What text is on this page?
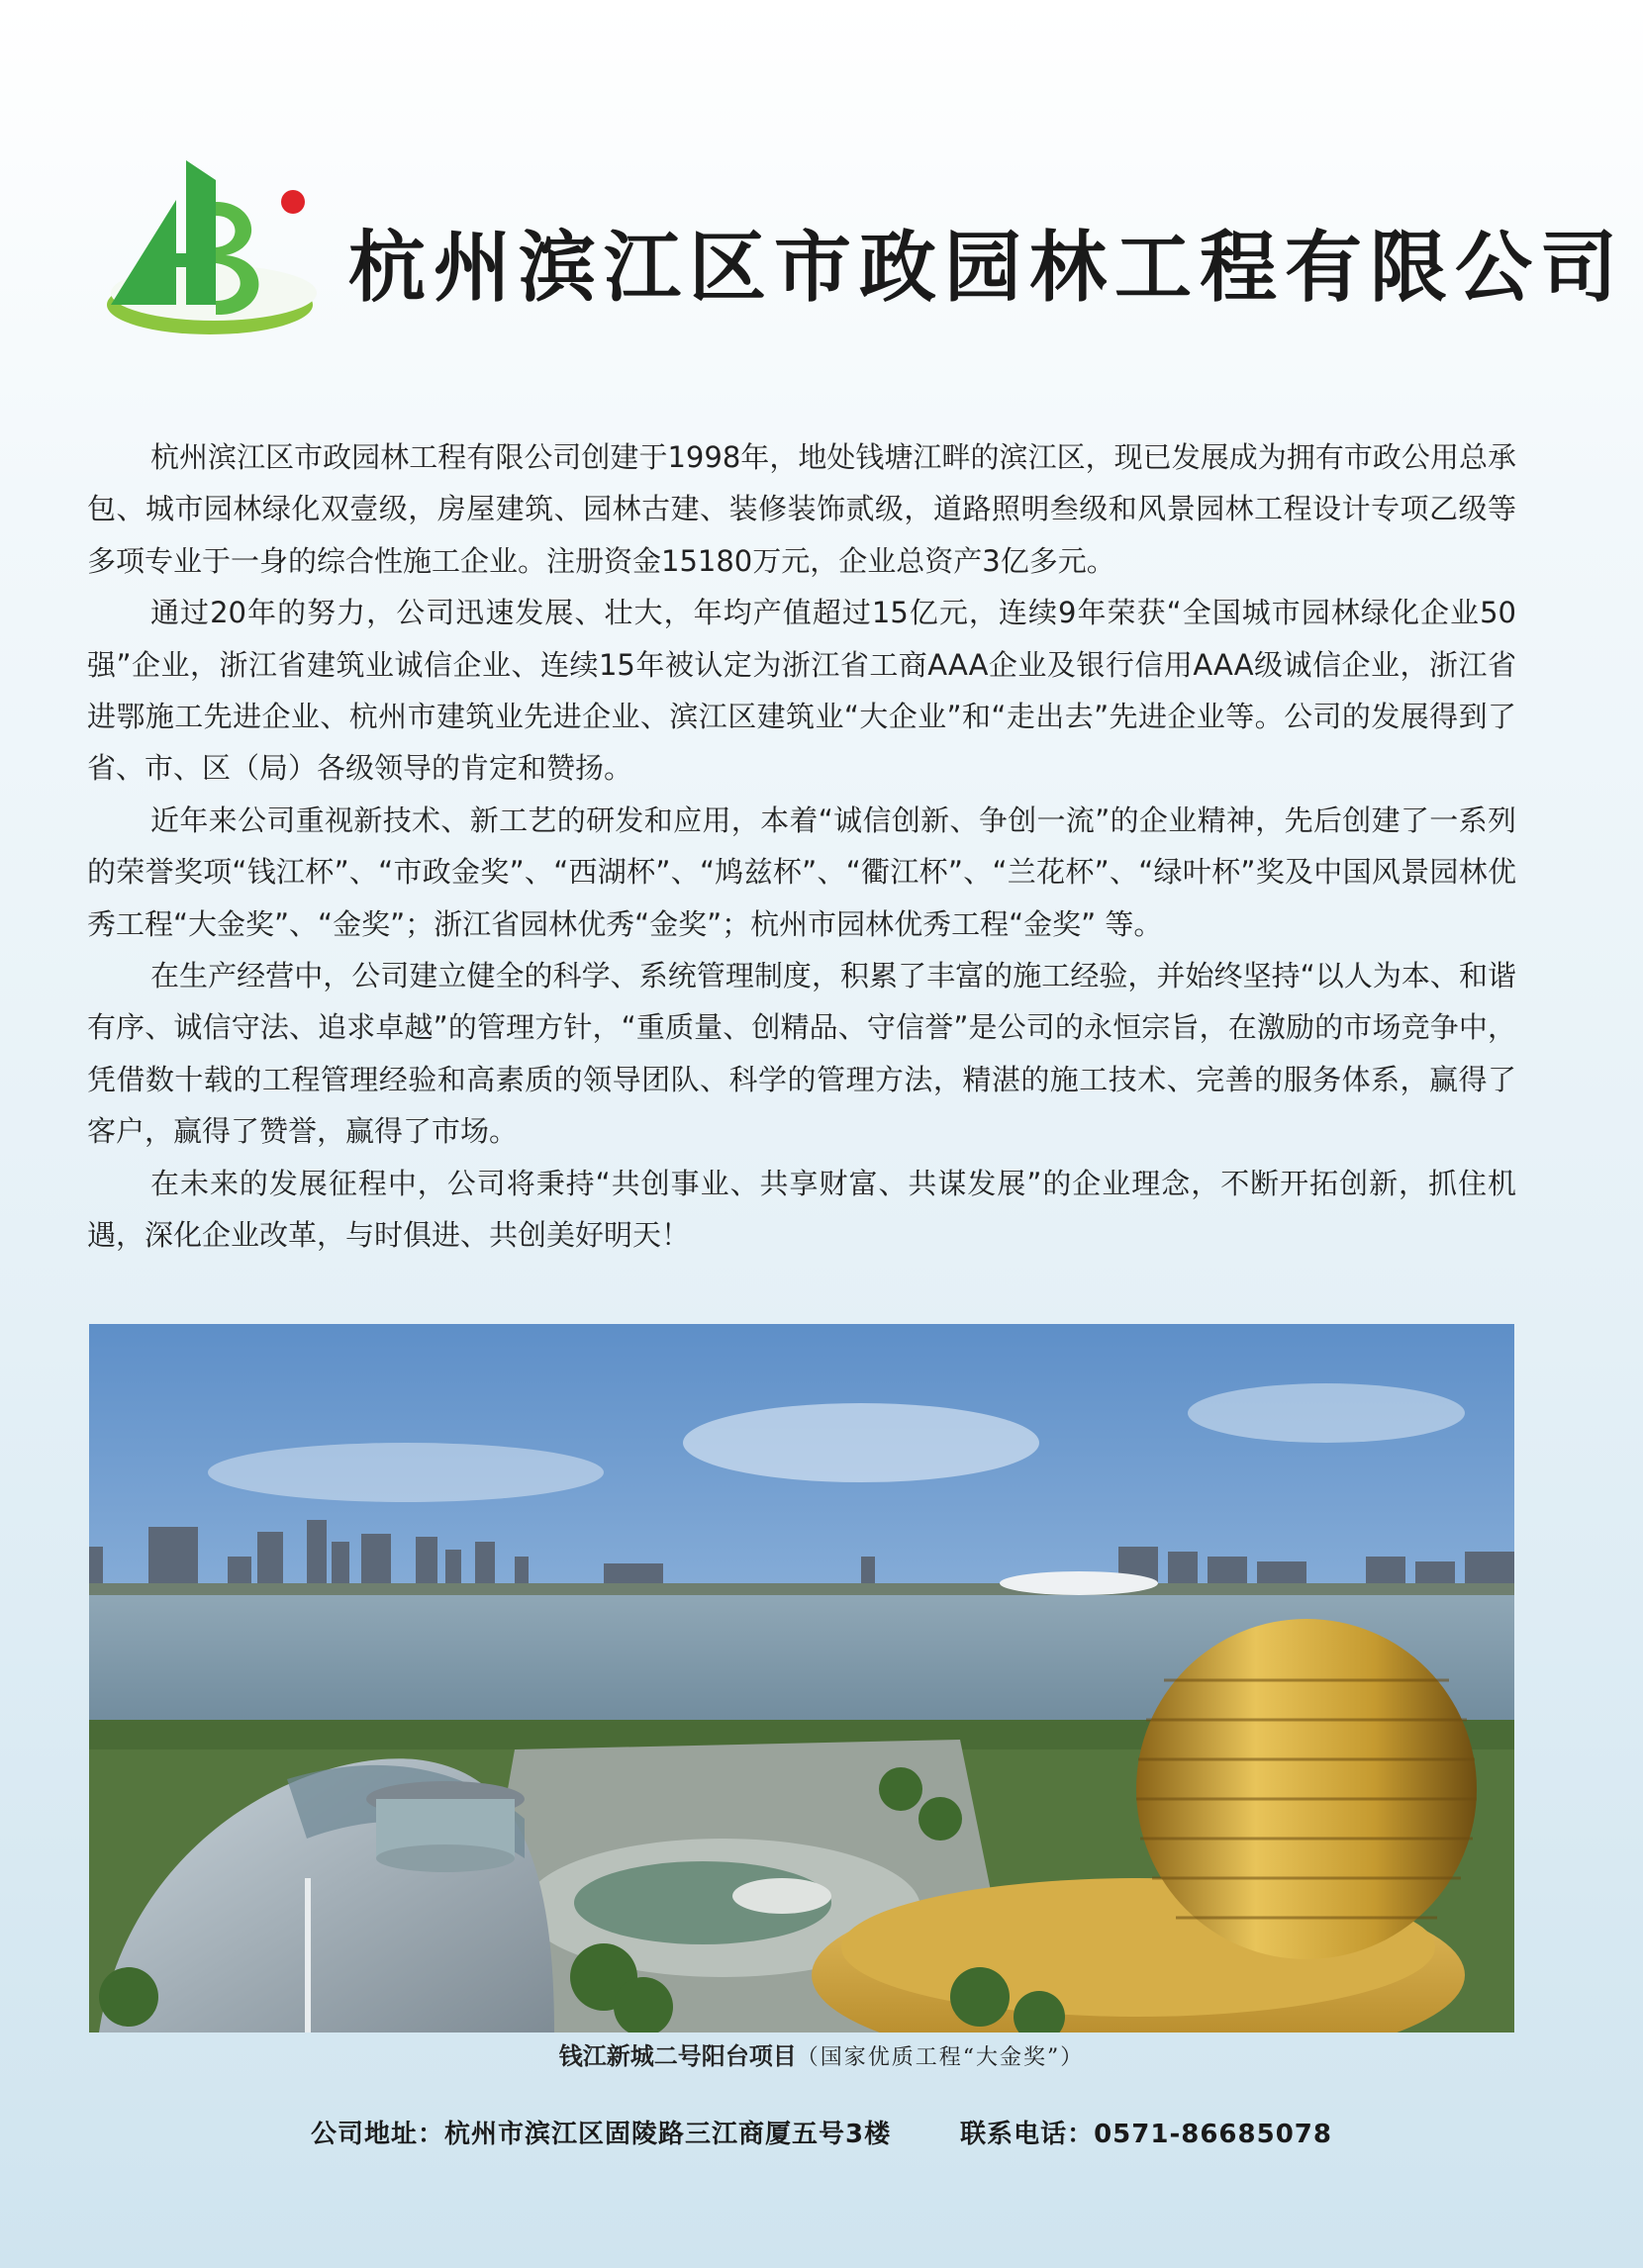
杭州滨江区市政园林工程有限公司

杭州滨江区市政园林工程有限公司创建于1998年，地处钱塘江畔的滨江区，现已发展成为拥有市政公用总承包、城市园林绿化双壹级，房屋建筑、园林古建、装修装饰贰级，道路照明叁级和风景园林工程设计专项乙级等多项专业于一身的综合性施工企业。注册资金15180万元，企业总资产3亿多元。

通过20年的努力，公司迅速发展、壮大，年均产值超过15亿元，连续9年荣获“全国城市园林绿化企业50强”企业，浙江省建筑业诚信企业、连续15年被认定为浙江省工商AAA企业及银行信用AAA级诚信企业，浙江省进鄂施工先进企业、杭州市建筑业先进企业、滨江区建筑业“大企业”和“走出去”先进企业等。公司的发展得到了省、市、区（局）各级领导的肯定和赞扬。

近年来公司重视新技术、新工艺的研发和应用，本着“诚信创新、争创一流”的企业精神，先后创建了一系列的荣誉奖项“钱江杯”、“市政金奖”、“西湖杯”、“鸠兹杯”、“衢江杯”、“兰花杯”、“绿叶杯”奖及中国风景园林优秀工程“大金奖”、“金奖”；浙江省园林优秀“金奖”；杭州市园林优秀工程“金奖” 等。

在生产经营中，公司建立健全的科学、系统管理制度，积累了丰富的施工经验，并始终坚持“以人为本、和谐有序、诚信守法、追求卓越”的管理方针，“重质量、创精品、守信誉”是公司的永恒宗旨，在激励的市场竞争中，凭借数十载的工程管理经验和高素质的领导团队、科学的管理方法，精湛的施工技术、完善的服务体系，赢得了客户，赢得了赞誉，赢得了市场。

在未来的发展征程中，公司将秉持“共创事业、共享财富、共谋发展”的企业理念，不断开拓创新，抓住机遇，深化企业改革，与时俱进、共创美好明天！

钱江新城二号阳台项目（国家优质工程“大金奖”）
公司地址：杭州市滨江区固陵路三江商厦五号3楼	联系电话：0571-86685078
